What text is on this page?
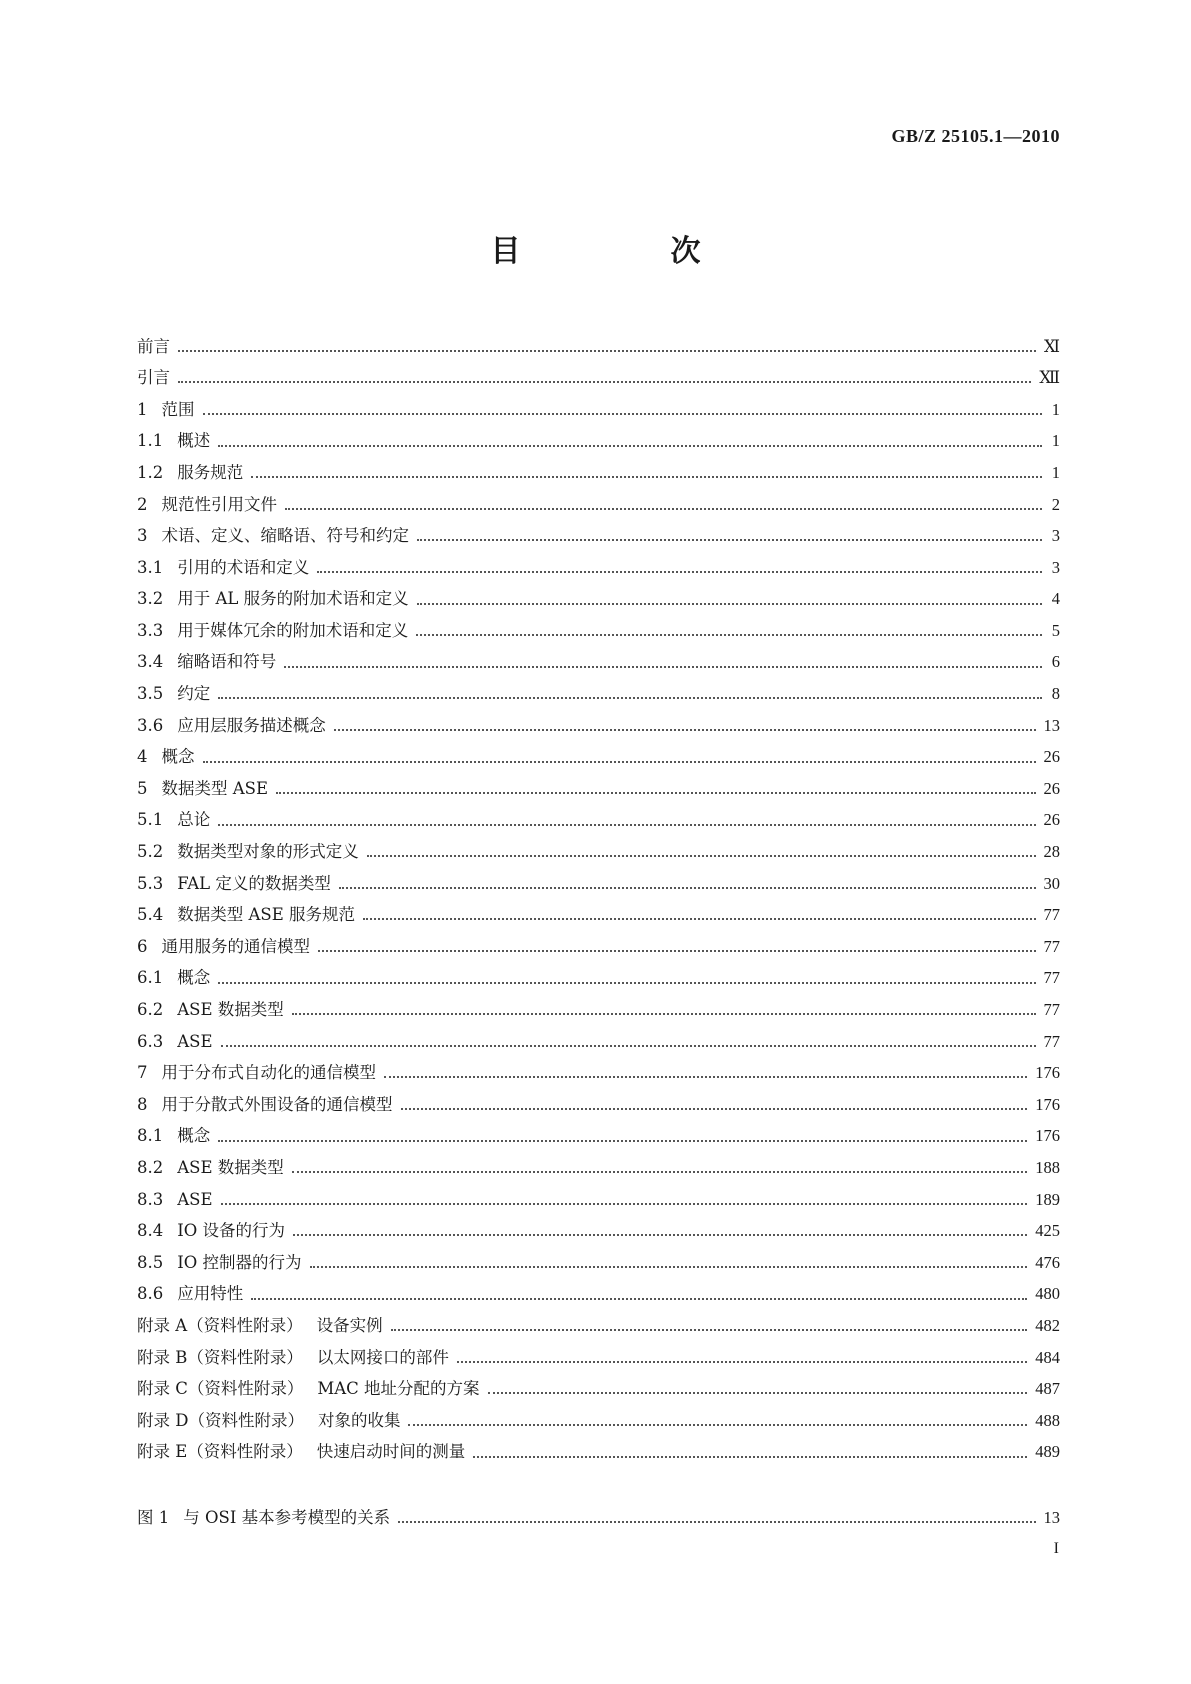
GB/Z 25105.1—2010

目　次
前言	Ⅺ
引言	Ⅻ
1 范围	1
1.1 概述	1
1.2 服务规范	1
2 规范性引用文件	2
3 术语、定义、缩略语、符号和约定	3
3.1 引用的术语和定义	3
3.2 用于 AL 服务的附加术语和定义	4
3.3 用于媒体冗余的附加术语和定义	5
3.4 缩略语和符号	6
3.5 约定	8
3.6 应用层服务描述概念	13
4 概念	26
5 数据类型 ASE	26
5.1 总论	26
5.2 数据类型对象的形式定义	28
5.3 FAL 定义的数据类型	30
5.4 数据类型 ASE 服务规范	77
6 通用服务的通信模型	77
6.1 概念	77
6.2 ASE 数据类型	77
6.3 ASE	77
7 用于分布式自动化的通信模型	176
8 用于分散式外围设备的通信模型	176
8.1 概念	176
8.2 ASE 数据类型	188
8.3 ASE	189
8.4 IO 设备的行为	425
8.5 IO 控制器的行为	476
8.6 应用特性	480
附录 A（资料性附录） 设备实例	482
附录 B（资料性附录） 以太网接口的部件	484
附录 C（资料性附录） MAC 地址分配的方案	487
附录 D（资料性附录） 对象的收集	488
附录 E（资料性附录） 快速启动时间的测量	489
图 1 与 OSI 基本参考模型的关系	13

I
